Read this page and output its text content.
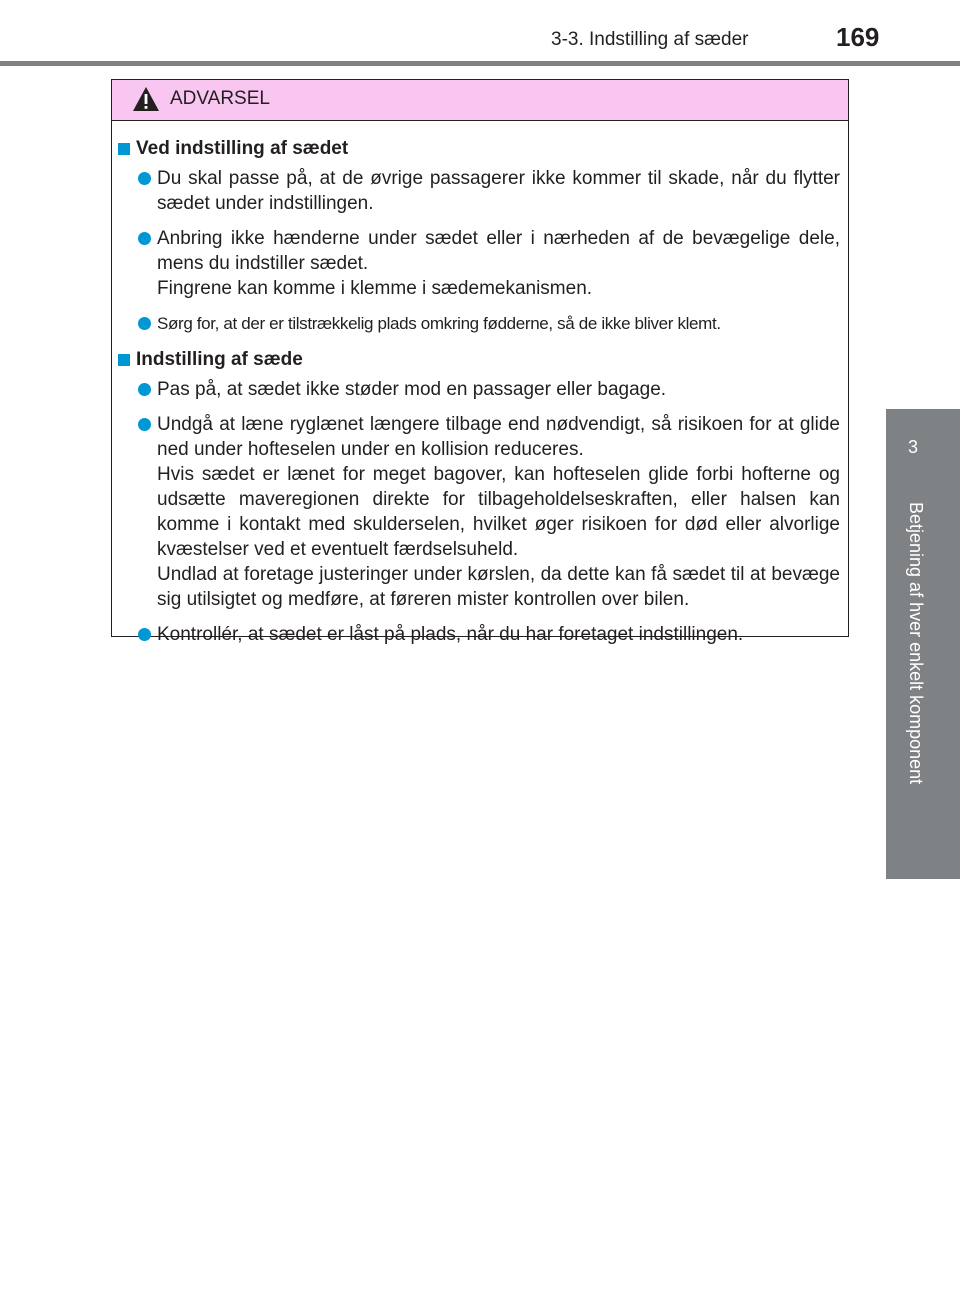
3-3. Indstilling af sæder	169
3
Betjening af hver enkelt komponent
ADVARSEL
Ved indstilling af sædet

Du skal passe på, at de øvrige passagerer ikke kommer til skade, når du flytter sædet under indstillingen.

Anbring ikke hænderne under sædet eller i nærheden af de bevægelige dele, mens du indstiller sædet.

Fingrene kan komme i klemme i sædemekanismen.

Sørg for, at der er tilstrækkelig plads omkring fødderne, så de ikke bliver klemt.

Indstilling af sæde

Pas på, at sædet ikke støder mod en passager eller bagage.

Undgå at læne ryglænet længere tilbage end nødvendigt, så risikoen for at glide ned under hofteselen under en kollision reduceres.

Hvis sædet er lænet for meget bagover, kan hofteselen glide forbi hofterne og udsætte maveregionen direkte for tilbageholdelseskraften, eller halsen kan komme i kontakt med skulderselen, hvilket øger risikoen for død eller alvorlige kvæstelser ved et eventuelt færdselsuheld.

Undlad at foretage justeringer under kørslen, da dette kan få sædet til at bevæge sig utilsigtet og medføre, at føreren mister kontrollen over bilen.

Kontrollér, at sædet er låst på plads, når du har foretaget indstillingen.
